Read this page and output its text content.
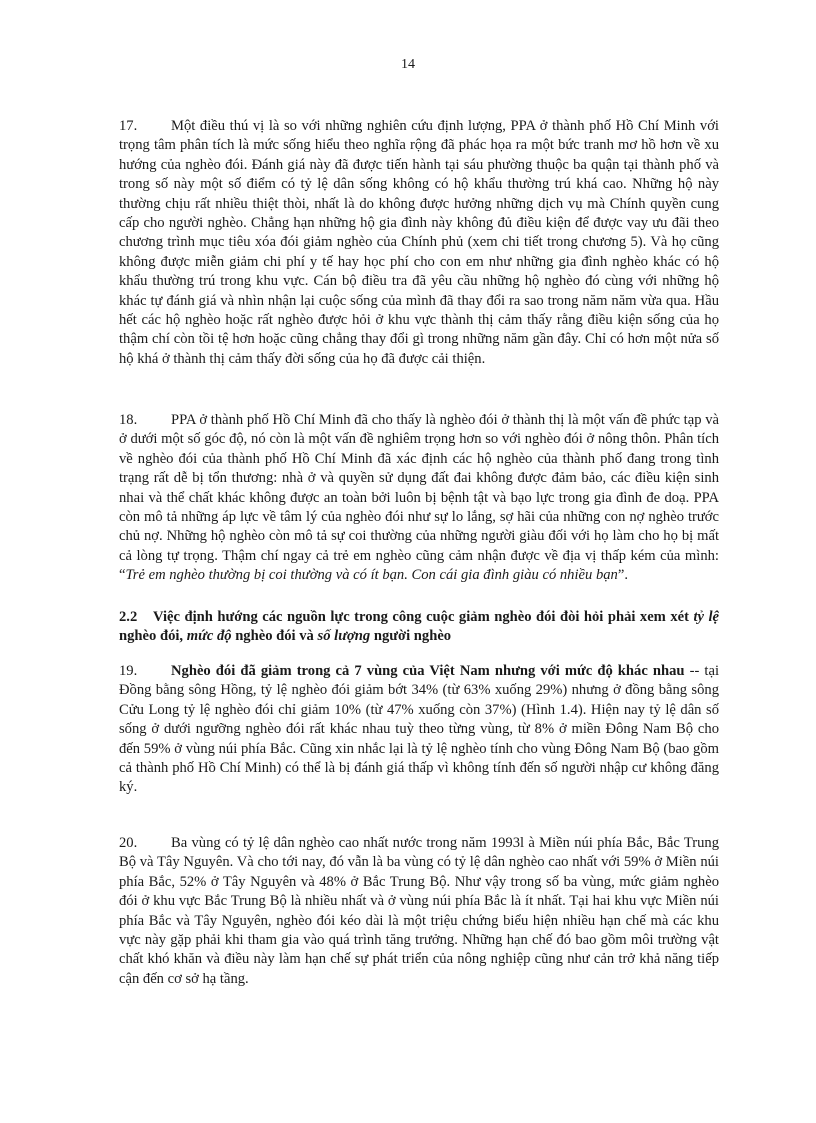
14

17. Một điều thú vị là so với những nghiên cứu định lượng, PPA ở thành phố Hồ Chí Minh với trọng tâm phân tích là mức sống hiểu theo nghĩa rộng đã phác họa ra một bức tranh mơ hồ hơn về xu hướng của nghèo đói. Đánh giá này đã được tiến hành tại sáu phường thuộc ba quận tại thành phố và trong số này một số điểm có tỷ lệ dân sống không có hộ khẩu thường trú khá cao. Những hộ này thường chịu rất nhiều thiệt thòi, nhất là do không được hưởng những dịch vụ mà Chính quyền cung cấp cho người nghèo. Chẳng hạn những hộ gia đình này không đủ điều kiện để được vay ưu đãi theo chương trình mục tiêu xóa đói giảm nghèo của Chính phủ (xem chi tiết trong chương 5). Và họ cũng không được miễn giảm chi phí y tế hay học phí cho con em như những gia đình nghèo khác có hộ khẩu thường trú trong khu vực. Cán bộ điều tra đã yêu cầu những hộ nghèo đó cùng với những hộ khác tự đánh giá và nhìn nhận lại cuộc sống của mình đã thay đổi ra sao trong năm năm vừa qua. Hầu hết các hộ nghèo hoặc rất nghèo được hỏi ở khu vực thành thị cảm thấy rằng điều kiện sống của họ thậm chí còn tồi tệ hơn hoặc cũng chẳng thay đổi gì trong những năm gần đây. Chỉ có hơn một nửa số hộ khá ở thành thị cảm thấy đời sống của họ đã được cải thiện.

18. PPA ở thành phố Hồ Chí Minh đã cho thấy là nghèo đói ở thành thị là một vấn đề phức tạp và ở dưới một số góc độ, nó còn là một vấn đề nghiêm trọng hơn so với nghèo đói ở nông thôn. Phân tích về nghèo đói của thành phố Hồ Chí Minh đã xác định các hộ nghèo của thành phố đang trong tình trạng rất dễ bị tổn thương: nhà ở và quyền sử dụng đất đai không được đảm bảo, các điều kiện sinh nhai và thể chất khác không được an toàn bởi luôn bị bệnh tật và bạo lực trong gia đình đe doạ. PPA còn mô tả những áp lực về tâm lý của nghèo đói như sự lo lắng, sợ hãi của những con nợ nghèo trước chủ nợ. Những hộ nghèo còn mô tả sự coi thường của những người giàu đối với họ làm cho họ bị mất cả lòng tự trọng. Thậm chí ngay cả trẻ em nghèo cũng cảm nhận được về địa vị thấp kém của mình: “Trẻ em nghèo thường bị coi thường và có ít bạn. Con cái gia đình giàu có nhiều bạn”.

2.2 Việc định hướng các nguồn lực trong công cuộc giảm nghèo đói đòi hỏi phải xem xét tỷ lệ nghèo đói, mức độ nghèo đói và số lượng người nghèo

19. Nghèo đói đã giảm trong cả 7 vùng của Việt Nam nhưng với mức độ khác nhau -- tại Đồng bằng sông Hồng, tỷ lệ nghèo đói giảm bớt 34% (từ 63% xuống 29%) nhưng ở đồng bằng sông Cửu Long tỷ lệ nghèo đói chỉ giảm 10% (từ 47% xuống còn 37%) (Hình 1.4). Hiện nay tỷ lệ dân số sống ở dưới ngưỡng nghèo đói rất khác nhau tuỳ theo từng vùng, từ 8% ở miền Đông Nam Bộ cho đến 59% ở vùng núi phía Bắc. Cũng xin nhắc lại là tỷ lệ nghèo tính cho vùng Đông Nam Bộ (bao gồm cả thành phố Hồ Chí Minh) có thể là bị đánh giá thấp vì không tính đến số người nhập cư không đăng ký.

20. Ba vùng có tỷ lệ dân nghèo cao nhất nước trong năm 1993l à Miền núi phía Bắc, Bắc Trung Bộ và Tây Nguyên. Và cho tới nay, đó vẫn là ba vùng có tỷ lệ dân nghèo cao nhất với 59% ở Miền núi phía Bắc, 52% ở Tây Nguyên và 48% ở Bắc Trung Bộ. Như vậy trong số ba vùng, mức giảm nghèo đói ở khu vực Bắc Trung Bộ là nhiều nhất và ở vùng núi phía Bắc là ít nhất. Tại hai khu vực Miền núi phía Bắc và Tây Nguyên, nghèo đói kéo dài là một triệu chứng biểu hiện nhiều hạn chế mà các khu vực này gặp phải khi tham gia vào quá trình tăng trưởng. Những hạn chế đó bao gồm môi trường vật chất khó khăn và điều này làm hạn chế sự phát triển của nông nghiệp cũng như cản trở khả năng tiếp cận đến cơ sở hạ tầng.
